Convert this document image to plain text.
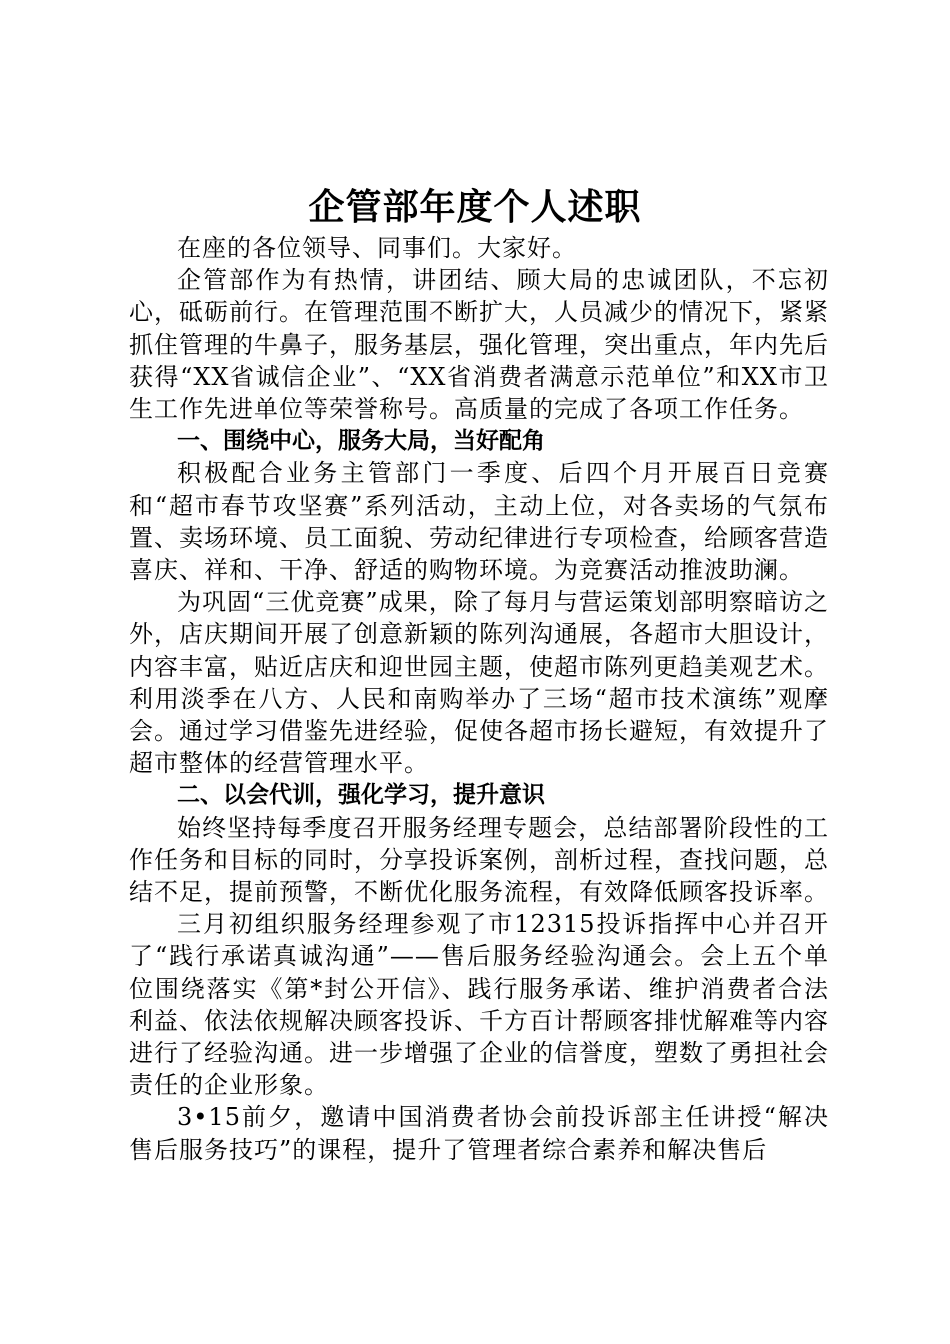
企管部年度个人述职

在座的各位领导、同事们。大家好。

企管部作为有热情，讲团结、顾大局的忠诚团队，不忘初心，砥砺前行。在管理范围不断扩大，人员减少的情况下，紧紧抓住管理的牛鼻子，服务基层，强化管理，突出重点，年内先后获得“XX省诚信企业”、“XX省消费者满意示范单位”和XX市卫生工作先进单位等荣誉称号。高质量的完成了各项工作任务。

一、围绕中心，服务大局，当好配角

积极配合业务主管部门一季度、后四个月开展百日竞赛和“超市春节攻坚赛”系列活动，主动上位，对各卖场的气氛布置、卖场环境、员工面貌、劳动纪律进行专项检查，给顾客营造喜庆、祥和、干净、舒适的购物环境。为竞赛活动推波助澜。

为巩固“三优竞赛”成果，除了每月与营运策划部明察暗访之外，店庆期间开展了创意新颖的陈列沟通展，各超市大胆设计，内容丰富，贴近店庆和迎世园主题，使超市陈列更趋美观艺术。利用淡季在八方、人民和南购举办了三场“超市技术演练”观摩会。通过学习借鉴先进经验，促使各超市扬长避短，有效提升了超市整体的经营管理水平。

二、以会代训，强化学习，提升意识

始终坚持每季度召开服务经理专题会，总结部署阶段性的工作任务和目标的同时，分享投诉案例，剖析过程，查找问题，总结不足，提前预警，不断优化服务流程，有效降低顾客投诉率。

三月初组织服务经理参观了市12315投诉指挥中心并召开了“践行承诺真诚沟通”——售后服务经验沟通会。会上五个单位围绕落实《第*封公开信》、践行服务承诺、维护消费者合法利益、依法依规解决顾客投诉、千方百计帮顾客排忧解难等内容进行了经验沟通。进一步增强了企业的信誉度，塑数了勇担社会责任的企业形象。

3•15前夕，邀请中国消费者协会前投诉部主任讲授“解决售后服务技巧”的课程，提升了管理者综合素养和解决售后
